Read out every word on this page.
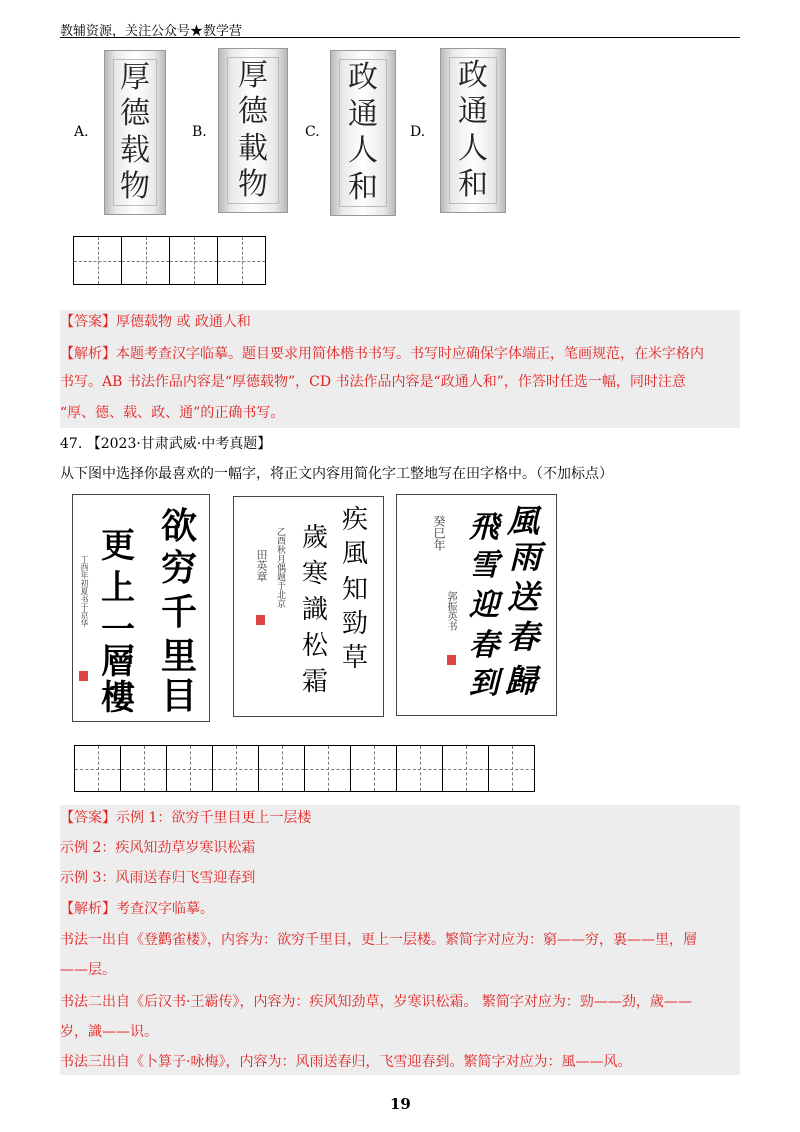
教辅资源，关注公众号★教学营
A.
厚
德
载
物
B.
厚
德
載
物
C.
政
通
人
和
D.
政
通
人
和
【答案】厚德载物 或 政通人和
【解析】本题考查汉字临摹。题目要求用简体楷书书写。书写时应确保字体端正，笔画规范，在米字格内
书写。AB 书法作品内容是“厚德载物”，CD 书法作品内容是“政通人和”，作答时任选一幅，同时注意
“厚、德、载、政、通”的正确书写。
47. 【2023·甘肃武威·中考真题】
从下图中选择你最喜欢的一幅字，将正文内容用简化字工整地写在田字格中。（不加标点）
欲
穷
千
里
目
更
上
一
層
樓
丁酉年初夏书于京华
疾
風
知
勁
草
歲
寒
識
松
霜
乙酉秋月偶题于北京
田英章
風
雨
送
春
歸
飛
雪
迎
春
到
癸巳年
郭振英书
【答案】示例 1：欲穷千里目更上一层楼
示例 2：疾风知劲草岁寒识松霜
示例 3：风雨送春归飞雪迎春到
【解析】考查汉字临摹。
书法一出自《登鹳雀楼》，内容为：欲穷千里目，更上一层楼。繁简字对应为：窮——穷，裏——里，層
——层。
书法二出自《后汉书·王霸传》，内容为：疾风知劲草，岁寒识松霜。 繁简字对应为：勁——劲，歲——
岁，識——识。
书法三出自《卜算子·咏梅》，内容为：风雨送春归，飞雪迎春到。繁简字对应为：風——风。
19
